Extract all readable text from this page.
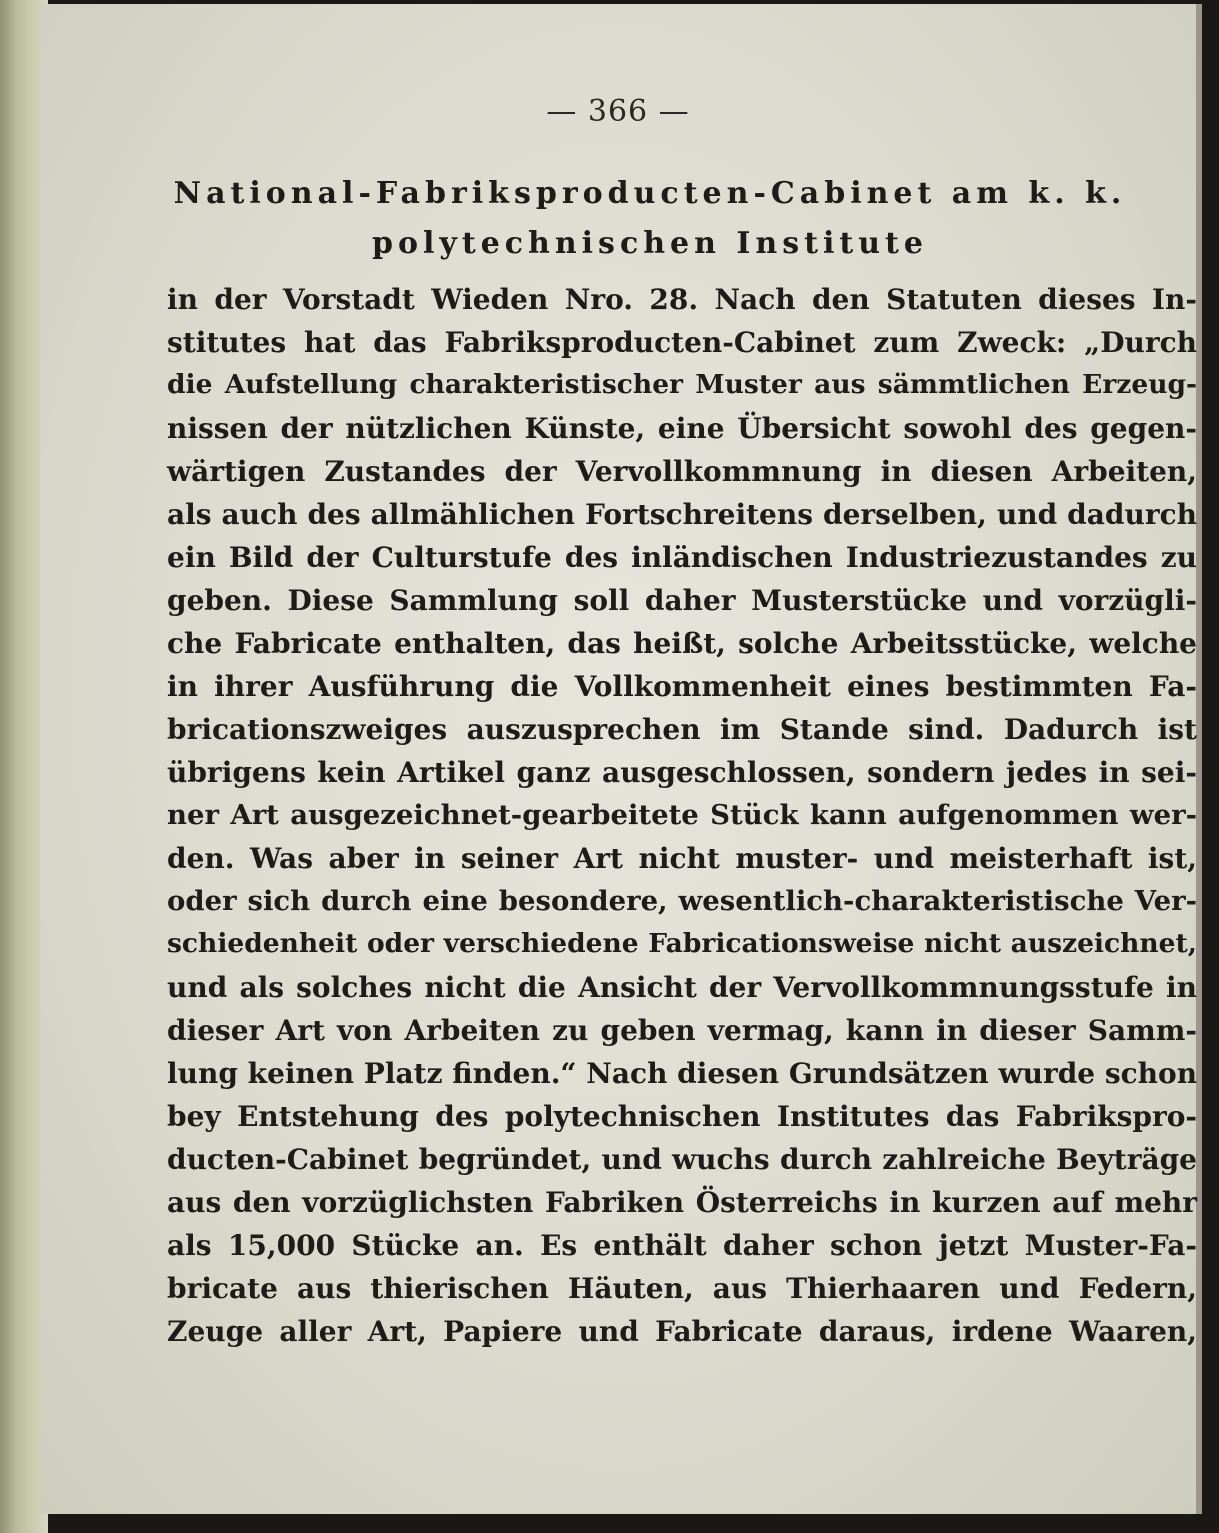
— 366 —
National-Fabriksproducten-Cabinet am k. k.
polytechnischen Institute
in der Vorstadt Wieden Nro. 28. Nach den Statuten dieses In-
stitutes hat das Fabriksproducten-Cabinet zum Zweck: „Durch
die Aufstellung charakteristischer Muster aus sämmtlichen Erzeug-
nissen der nützlichen Künste, eine Übersicht sowohl des gegen-
wärtigen Zustandes der Vervollkommnung in diesen Arbeiten,
als auch des allmählichen Fortschreitens derselben, und dadurch
ein Bild der Culturstufe des inländischen Industriezustandes zu
geben. Diese Sammlung soll daher Musterstücke und vorzügli-
che Fabricate enthalten, das heißt, solche Arbeitsstücke, welche
in ihrer Ausführung die Vollkommenheit eines bestimmten Fa-
bricationszweiges auszusprechen im Stande sind. Dadurch ist
übrigens kein Artikel ganz ausgeschlossen, sondern jedes in sei-
ner Art ausgezeichnet-gearbeitete Stück kann aufgenommen wer-
den. Was aber in seiner Art nicht muster- und meisterhaft ist,
oder sich durch eine besondere, wesentlich-charakteristische Ver-
schiedenheit oder verschiedene Fabricationsweise nicht auszeichnet,
und als solches nicht die Ansicht der Vervollkommnungsstufe in
dieser Art von Arbeiten zu geben vermag, kann in dieser Samm-
lung keinen Platz finden.“ Nach diesen Grundsätzen wurde schon
bey Entstehung des polytechnischen Institutes das Fabrikspro-
ducten-Cabinet begründet, und wuchs durch zahlreiche Beyträge
aus den vorzüglichsten Fabriken Österreichs in kurzen auf mehr
als 15,000 Stücke an. Es enthält daher schon jetzt Muster-Fa-
bricate aus thierischen Häuten, aus Thierhaaren und Federn,
Zeuge aller Art, Papiere und Fabricate daraus, irdene Waaren,
